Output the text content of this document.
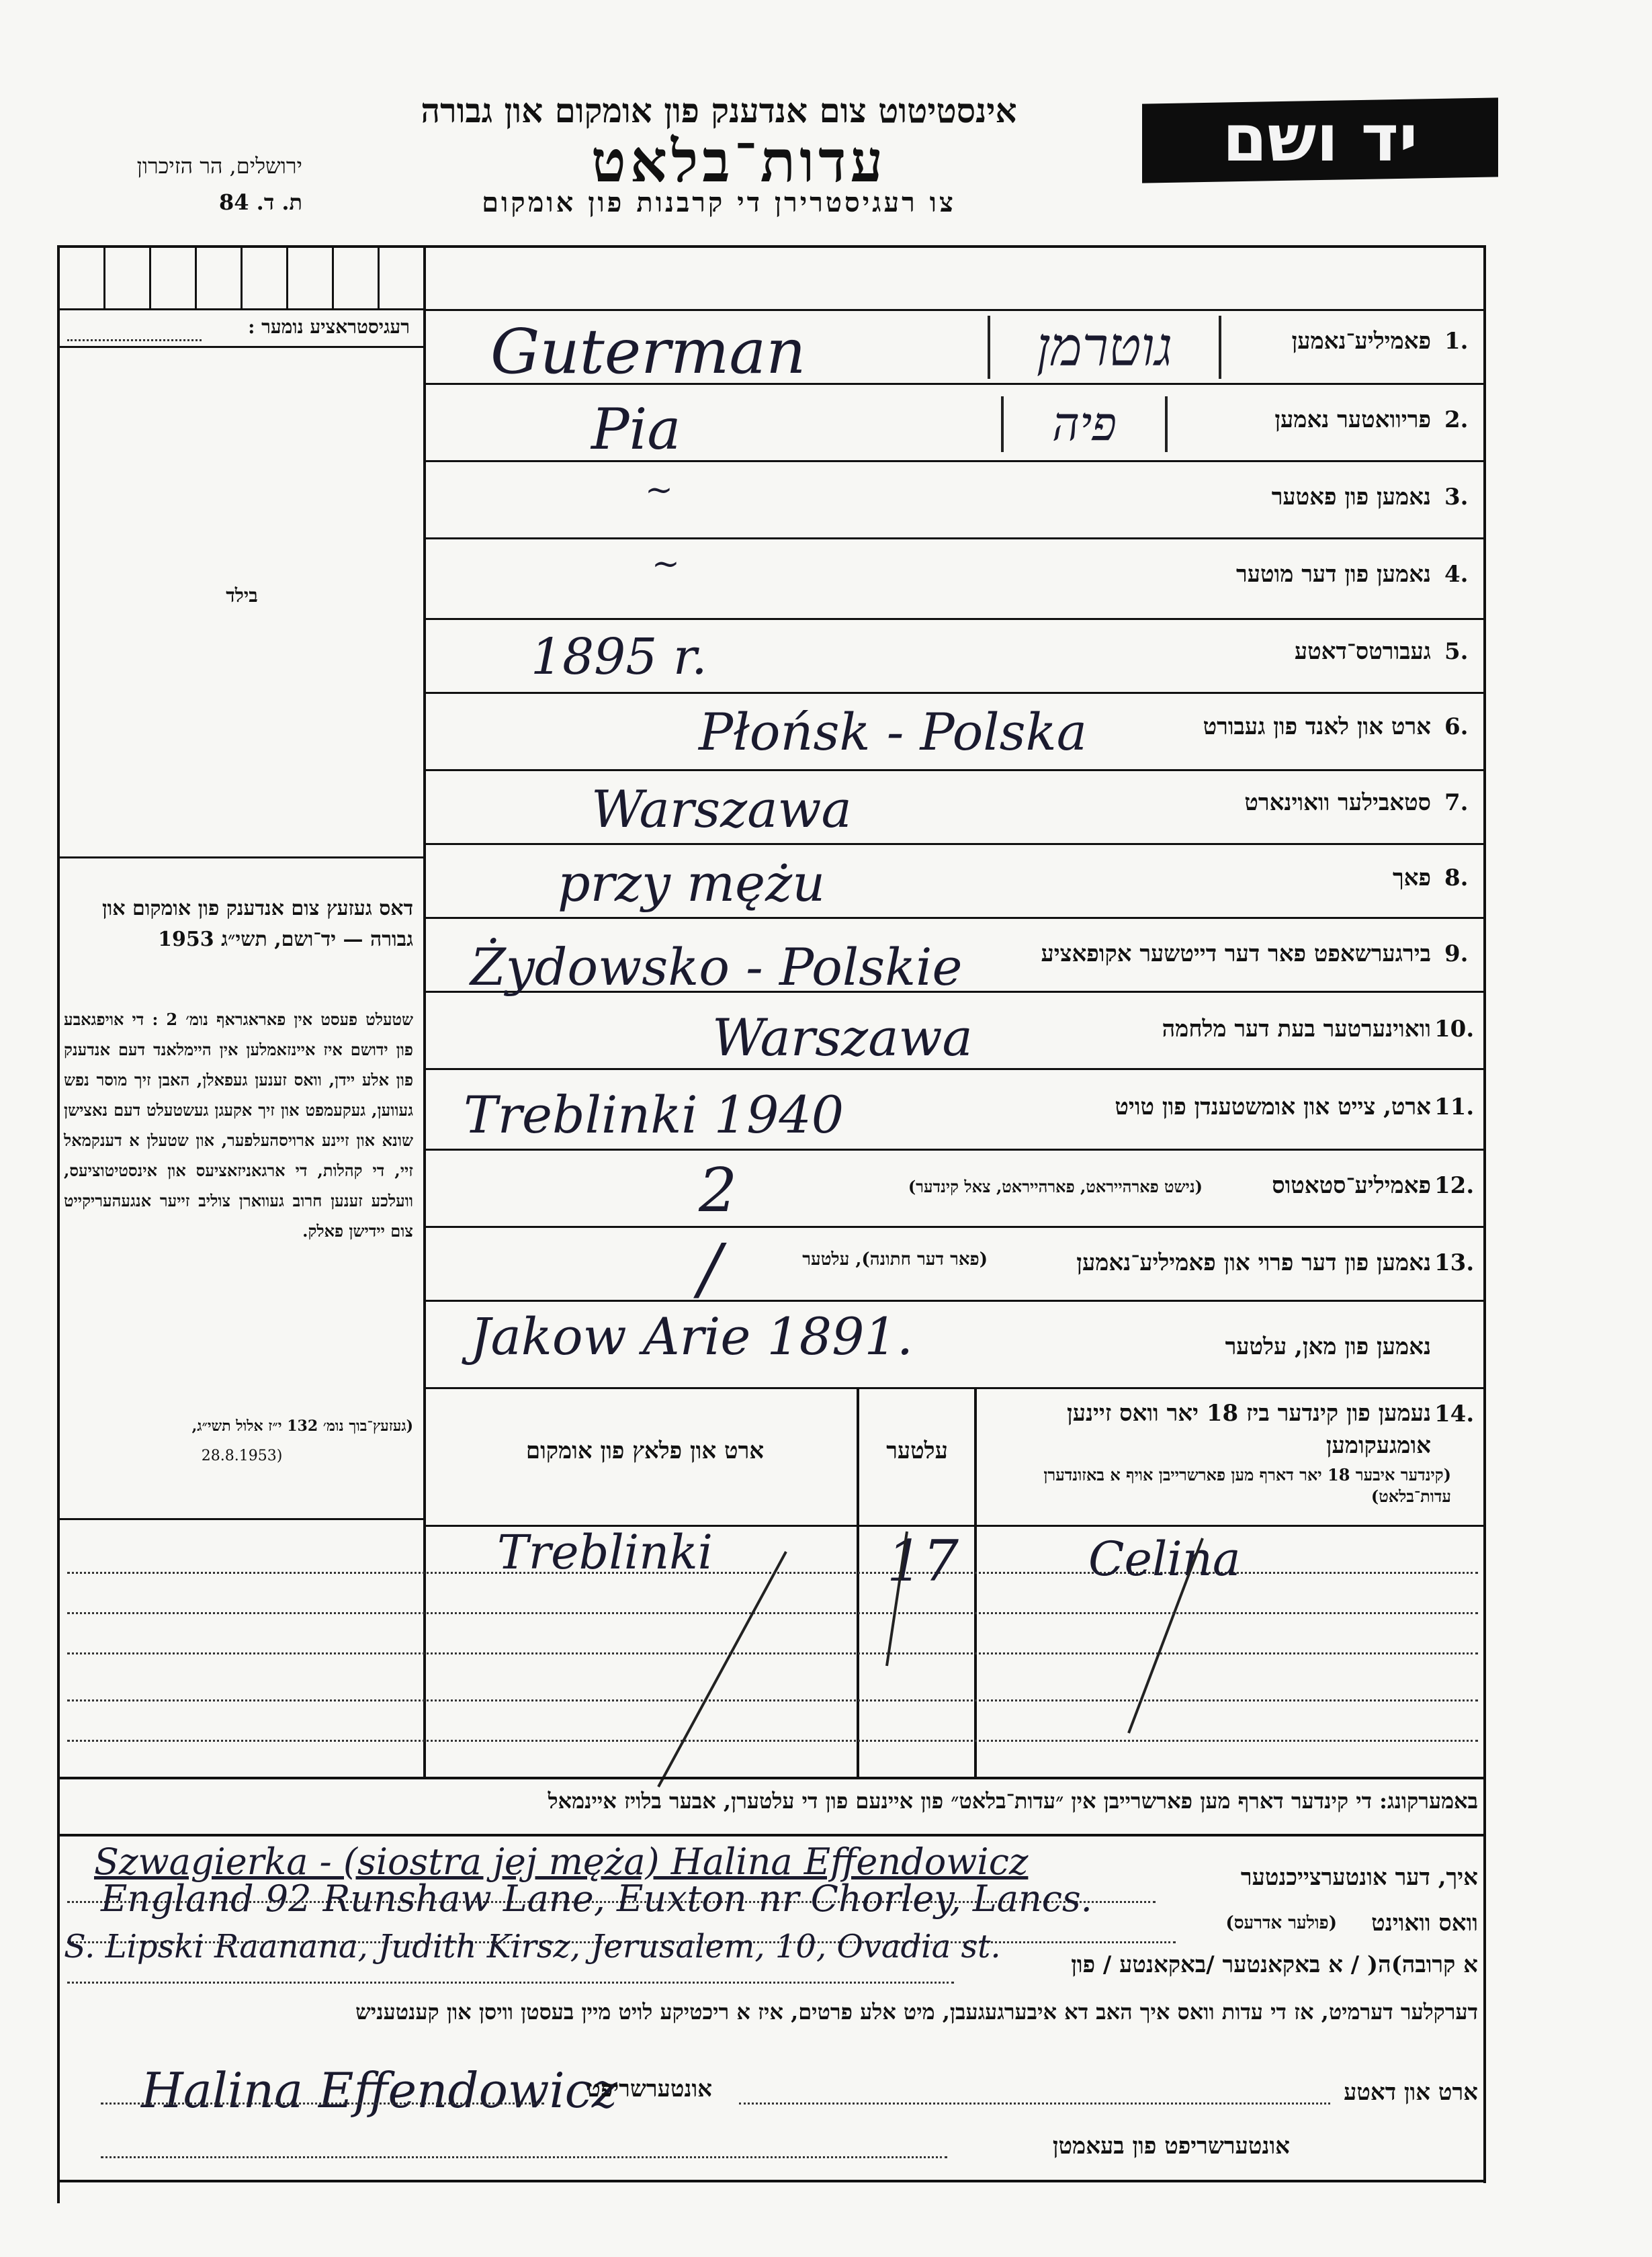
יד ושם
אינסטיטוט צום אנדענק פון אומקום און גבורה
עדות־בלאט
צו רעגיסטרירן די קרבנות פון אומקום
ירושלים, הר הזיכרון
ת. ד. 84
רעגיסטראציע נומער :
בילד
דאס געזעץ צום אנדענק פון אומקום און גבורה — יד־ושם, תשי״ג 1953
שטעלט פעסט אין פאראגראף נומ׳ 2 : די אויפגאבע פון ידושם איז איינזאמלען אין היימלאנד דעם אנדענק פון אלע יידן, וואס זענען געפאלן, האבן זיך מוסר נפש געווען, געקעמפט און זיך אקעגן געשטעלט דעם נאצישן שונא און זיינע ארויסהעלפער, און שטעלן א דענקמאל זיי, די קהלות, די ארגאניזאציעס און אינסטיטוציעס, וועלכע זענען חרוב געווארן צוליב זייער אנגעהעריקייט צום יידישן פאלק.
(געזעץ־בוך נומ׳ 132 י״ז אלול תשי״ג,
(28.8.1953
1.
פאמיליע־נאמען
Guterman	גוטרמן
2.
פריוואטער נאמען
Pia	פיה
3.
נאמען פון פאטער
~
4.
נאמען פון דער מוטער
~
5.
געבורטס־דאטע
1895 r.
6.
ארט און לאנד פון געבורט
Płońsk - Polska
7.
סטאבילער וואוינארט
Warszawa
8.
פאך
przy mężu
9.
בירגערשאפט פאר דער דייטשער אקופאציע
Żydowsko - Polskie
10.
וואוינערטער בעת דער מלחמה
Warszawa
11.
ארט, צייט און אומשטענדן פון טויט
Treblinki 1940
12.
פאמיליע־סטאטוס
(נישט פארהייראט, פארהייראט, צאל קינדער)
2
13.
נאמען פון דער פרוי און פאמיליע־נאמען
(פאר דער חתונה), עלטער
/
נאמען פון מאן, עלטער
Jakow Arie 1891.
14.
נעמען פון קינדער ביז 18 יאר וואס זיינען אומגעקומען
(קינדער איבער 18 יאר דארף מען פארשרייבן אויף א באזונדערן עדות־בלאט)
עלטער
ארט און פלאץ פון אומקום
Treblinki	17	Celina
באמערקונג: די קינדער דארף מען פארשרייבן אין ״עדות־בלאט״ פון איינעם פון די עלטערן, אבער בלויז איינמאל
איך, דער אונטערצייכנטער
Szwagierka - (siostra jej męża) Halina Effendowicz
וואס וואוינט
(פולער אדרעס)
England 92 Runshaw Lane, Euxton nr Chorley, Lancs.
א קרובה)ה( / א באקאנטער /באקאנטע / פון
S. Lipski Raanana, Judith Kirsz, Jerusalem, 10, Ovadia st.
דערקלער דערמיט, אז די עדות וואס איך האב דא איבערגעגעבן, מיט אלע פרטים, איז א ריכטיקע לויט מיין בעסטן וויסן און קענטעניש
Halina Effendowicz
אונטערשריפט	ארט און דאטע
אונטערשריפט פון בעאמטן
